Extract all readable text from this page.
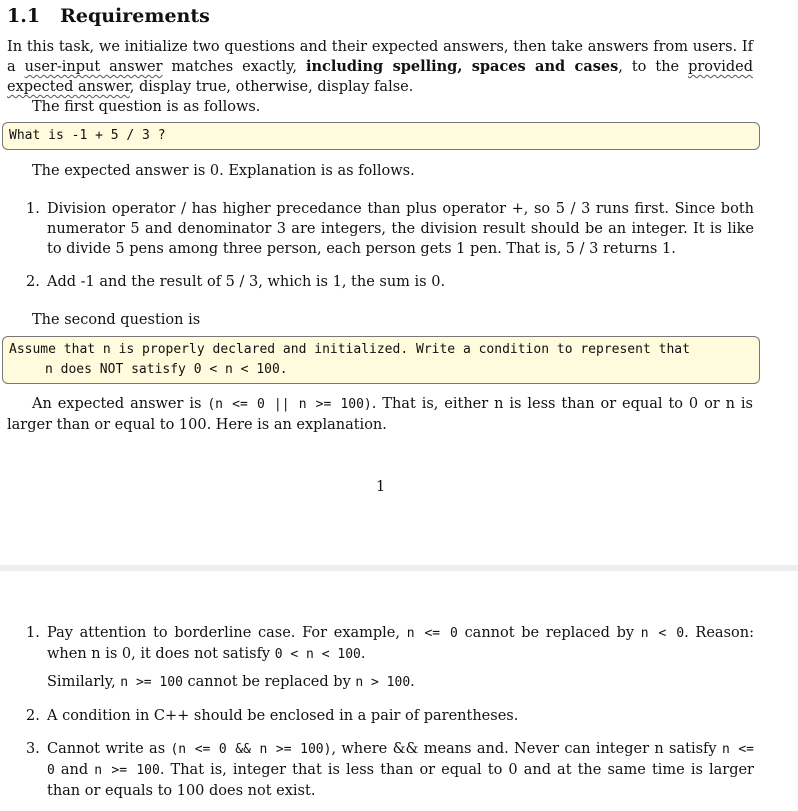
1.1 Requirements
In this task, we initialize two questions and their expected answers, then take answers from users. If a user-input answer matches exactly, including spelling, spaces and cases, to the provided expected answer, display true, otherwise, display false.
The first question is as follows.
What is -1 + 5 / 3 ?
The expected answer is 0. Explanation is as follows.
1. Division operator / has higher precedance than plus operator +, so 5 / 3 runs first. Since both numerator 5 and denominator 3 are integers, the division result should be an integer. It is like to divide 5 pens among three person, each person gets 1 pen. That is, 5 / 3 returns 1.

2. Add -1 and the result of 5 / 3, which is 1, the sum is 0.

The second question is
Assume that n is properly declared and initialized. Write a condition to represent that
n does NOT satisfy 0 < n < 100.
An expected answer is (n <= 0 || n >= 100). That is, either n is less than or equal to 0 or n is larger than or equal to 100. Here is an explanation.
1
1. Pay attention to borderline case. For example, n <= 0 cannot be replaced by n < 0. Reason: when n is 0, it does not satisfy 0 < n < 100.

Similarly, n >= 100 cannot be replaced by n > 100.

2. A condition in C++ should be enclosed in a pair of parentheses.

3. Cannot write as (n <= 0 && n >= 100), where && means and. Never can integer n satisfy n <= 0 and n >= 100. That is, integer that is less than or equal to 0 and at the same time is larger than or equals to 100 does not exist.
